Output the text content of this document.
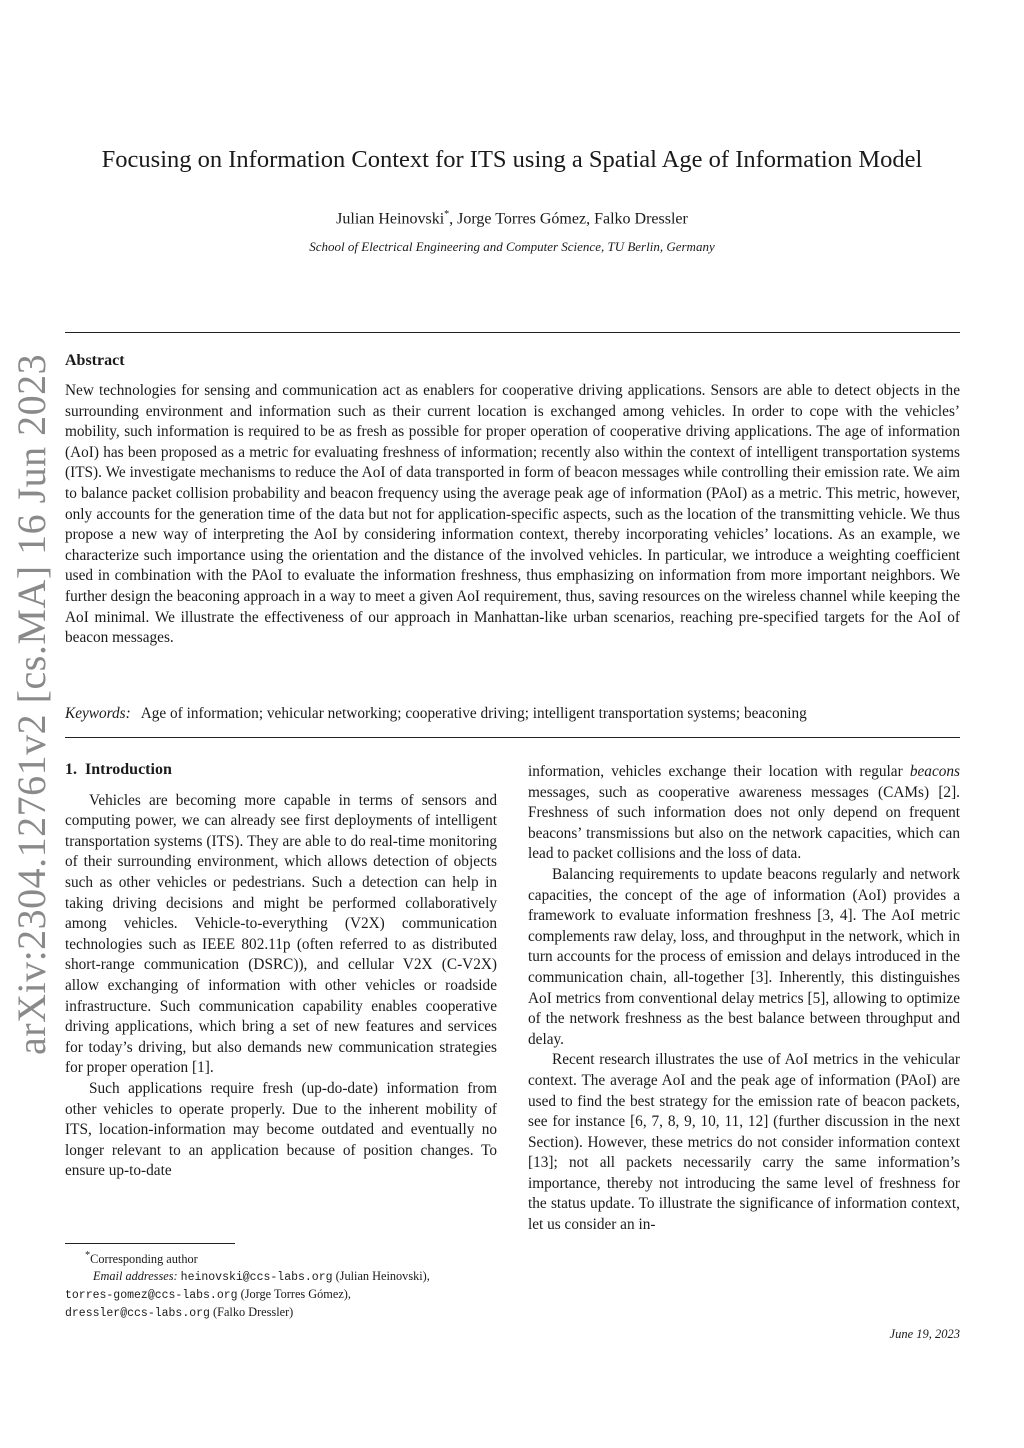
arXiv:2304.12761v2 [cs.MA] 16 Jun 2023
Focusing on Information Context for ITS using a Spatial Age of Information Model
Julian Heinovski*, Jorge Torres Gómez, Falko Dressler
School of Electrical Engineering and Computer Science, TU Berlin, Germany
Abstract

New technologies for sensing and communication act as enablers for cooperative driving applications. Sensors are able to detect objects in the surrounding environment and information such as their current location is exchanged among vehicles. In order to cope with the vehicles’ mobility, such information is required to be as fresh as possible for proper operation of cooperative driving applications. The age of information (AoI) has been proposed as a metric for evaluating freshness of information; recently also within the context of intelligent transportation systems (ITS). We investigate mechanisms to reduce the AoI of data transported in form of beacon messages while controlling their emission rate. We aim to balance packet collision probability and beacon frequency using the average peak age of information (PAoI) as a metric. This metric, however, only accounts for the generation time of the data but not for application-specific aspects, such as the location of the transmitting vehicle. We thus propose a new way of interpreting the AoI by considering information context, thereby incorporating vehicles’ locations. As an example, we characterize such importance using the orientation and the distance of the involved vehicles. In particular, we introduce a weighting coefficient used in combination with the PAoI to evaluate the information freshness, thus emphasizing on information from more important neighbors. We further design the beaconing approach in a way to meet a given AoI requirement, thus, saving resources on the wireless channel while keeping the AoI minimal. We illustrate the effectiveness of our approach in Manhattan-like urban scenarios, reaching pre-specified targets for the AoI of beacon messages.

Keywords: Age of information; vehicular networking; cooperative driving; intelligent transportation systems; beaconing
1. Introduction

Vehicles are becoming more capable in terms of sensors and computing power, we can already see first deployments of intelligent transportation systems (ITS). They are able to do real-time monitoring of their surrounding environment, which allows detection of objects such as other vehicles or pedestrians. Such a detection can help in taking driving decisions and might be performed collaboratively among vehicles. Vehicle-to-everything (V2X) communication technologies such as IEEE 802.11p (often referred to as distributed short-range communication (DSRC)), and cellular V2X (C-V2X) allow exchanging of information with other vehicles or roadside infrastructure. Such communication capability enables cooperative driving applications, which bring a set of new features and services for today’s driving, but also demands new communication strategies for proper operation [1].

Such applications require fresh (up-do-date) information from other vehicles to operate properly. Due to the inherent mobility of ITS, location-information may become outdated and eventually no longer relevant to an application because of position changes. To ensure up-to-date

information, vehicles exchange their location with regular beacons messages, such as cooperative awareness messages (CAMs) [2]. Freshness of such information does not only depend on frequent beacons’ transmissions but also on the network capacities, which can lead to packet collisions and the loss of data.

Balancing requirements to update beacons regularly and network capacities, the concept of the age of information (AoI) provides a framework to evaluate information freshness [3, 4]. The AoI metric complements raw delay, loss, and throughput in the network, which in turn accounts for the process of emission and delays introduced in the communication chain, all-together [3]. Inherently, this distinguishes AoI metrics from conventional delay metrics [5], allowing to optimize of the network freshness as the best balance between throughput and delay.

Recent research illustrates the use of AoI metrics in the vehicular context. The average AoI and the peak age of information (PAoI) are used to find the best strategy for the emission rate of beacon packets, see for instance [6, 7, 8, 9, 10, 11, 12] (further discussion in the next Section). However, these metrics do not consider information context [13]; not all packets necessarily carry the same information’s importance, thereby not introducing the same level of freshness for the status update. To illustrate the significance of information context, let us consider an in-

*Corresponding author

Email addresses: heinovski@ccs-labs.org (Julian Heinovski),

torres-gomez@ccs-labs.org (Jorge Torres Gómez),

dressler@ccs-labs.org (Falko Dressler)

June 19, 2023
